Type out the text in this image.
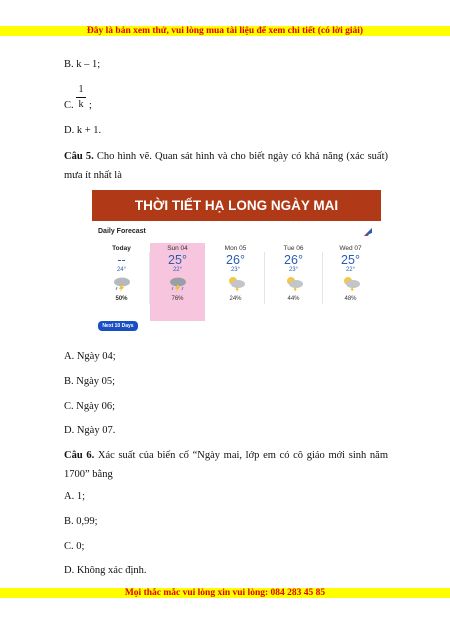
Đây là bản xem thử, vui lòng mua tài liệu để xem chi tiết (có lời giải)
B. k – 1;
C.
1
k ;
D. k + 1.
Câu 5. Cho hình vẽ. Quan sát hình và cho biết ngày có khả năng (xác suất) mưa ít nhất là
THỜI TIẾT HẠ LONG NGÀY MAI
Daily Forecast
Today
--
24°
50%
Sun 04
25°
22°
76%
Mon 05
26°
23°
24%
Tue 06
26°
23°
44%
Wed 07
25°
22°
48%
Next 10 Days
A. Ngày 04;
B. Ngày 05;
C. Ngày 06;
D. Ngày 07.
Câu 6. Xác suất của biến cố “Ngày mai, lớp em có cô giáo mới sinh năm 1700” bằng
A. 1;
B. 0,99;
C. 0;
D. Không xác định.
Mọi thắc mắc vui lòng xin vui lòng: 084 283 45 85
